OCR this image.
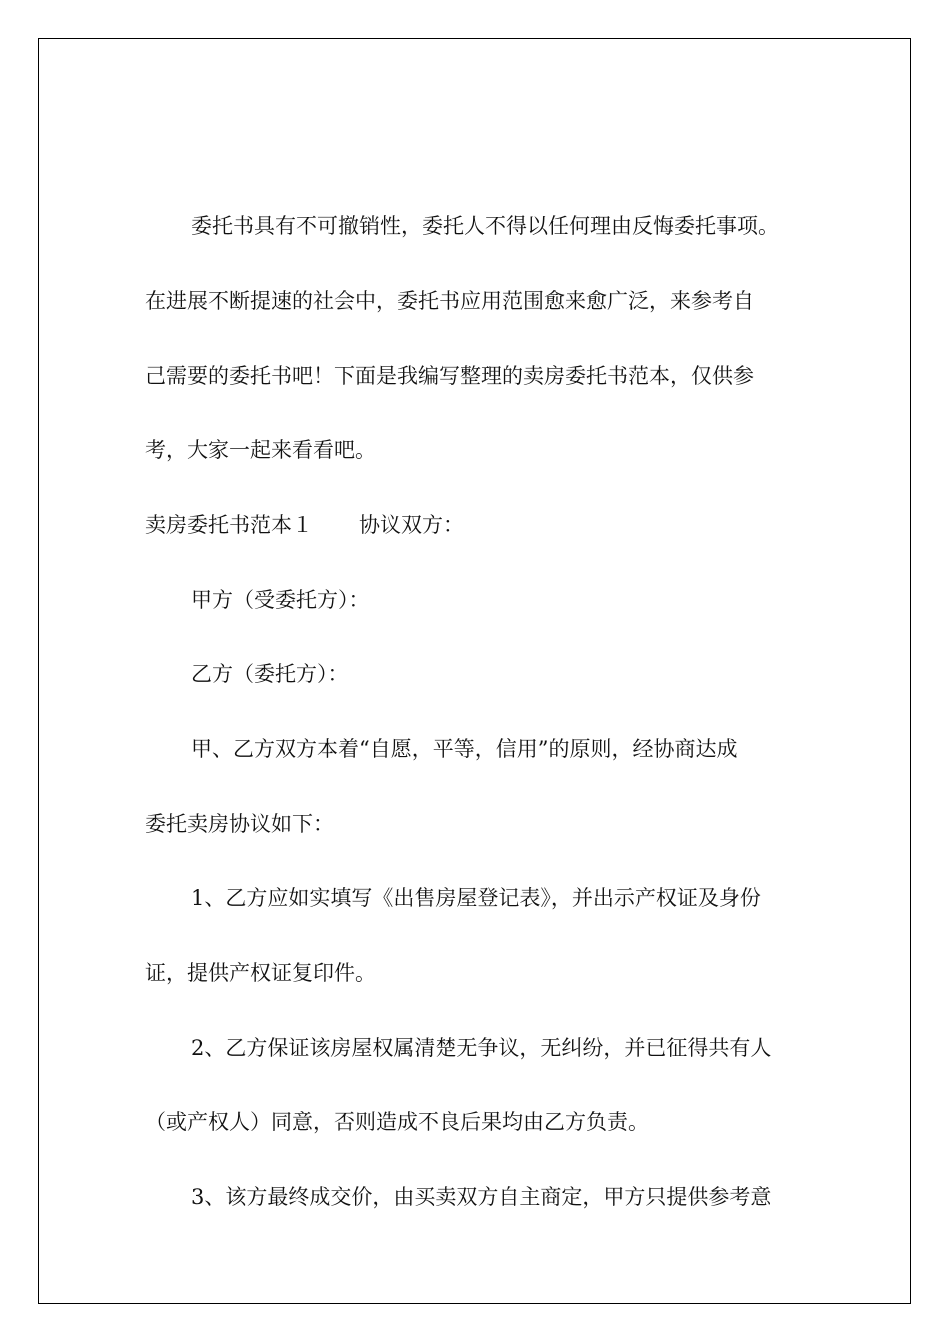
委托书具有不可撤销性，委托人不得以任何理由反悔委托事项。
在进展不断提速的社会中，委托书应用范围愈来愈广泛，来参考自
己需要的委托书吧！下面是我编写整理的卖房委托书范本，仅供参
考，大家一起来看看吧。
卖房委托书范本１ 协议双方：
甲方（受委托方）：
乙方（委托方）：
甲、乙方双方本着“自愿，平等，信用”的原则，经协商达成
委托卖房协议如下：
1、乙方应如实填写《出售房屋登记表》，并出示产权证及身份
证，提供产权证复印件。
2、乙方保证该房屋权属清楚无争议，无纠纷，并已征得共有人
（或产权人）同意，否则造成不良后果均由乙方负责。
3、该方最终成交价，由买卖双方自主商定，甲方只提供参考意
